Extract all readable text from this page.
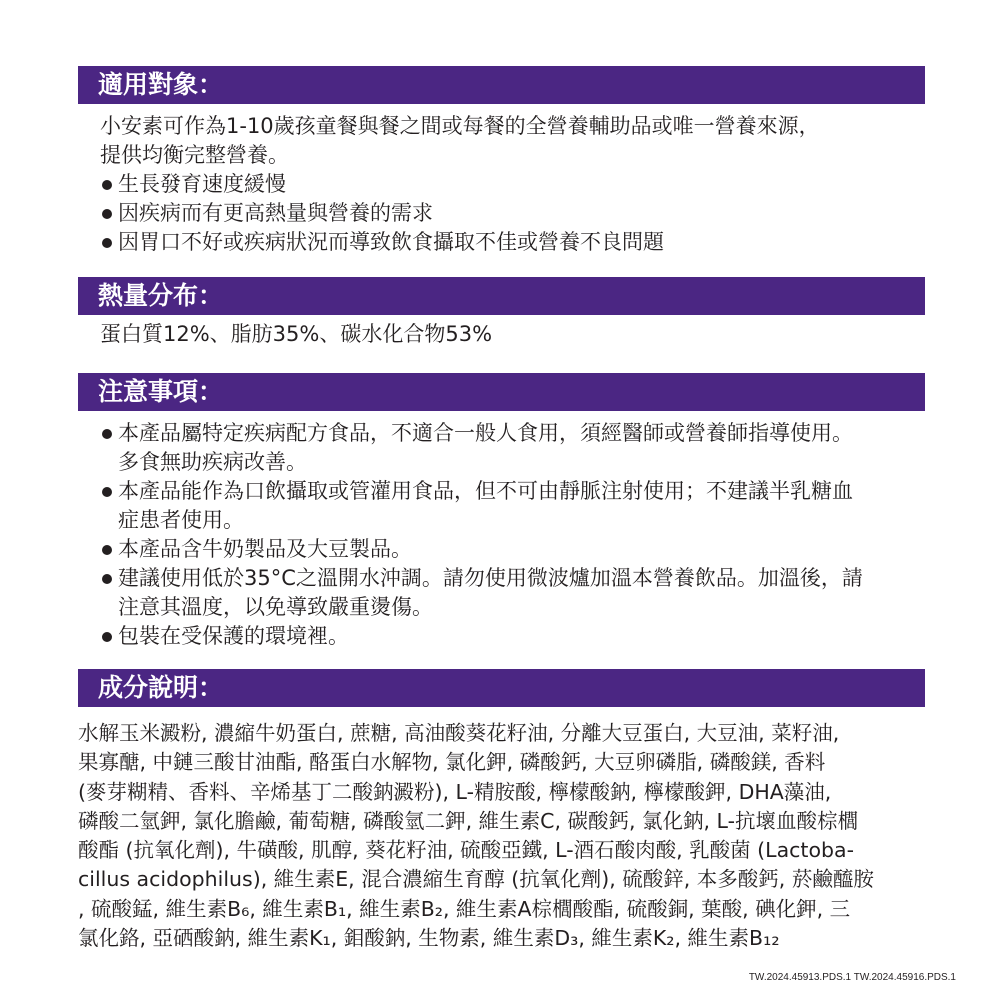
適用對象：

小安素可作為1-10歲孩童餐與餐之間或每餐的全營養輔助品或唯一營養來源，

提供均衡完整營養。

生長發育速度緩慢

因疾病而有更高熱量與營養的需求

因胃口不好或疾病狀況而導致飲食攝取不佳或營養不良問題

熱量分布：

蛋白質12%、脂肪35%、碳水化合物53%

注意事項：

本產品屬特定疾病配方食品，不適合一般人食用，須經醫師或營養師指導使用。

多食無助疾病改善。

本產品能作為口飲攝取或管灌用食品，但不可由靜脈注射使用；不建議半乳糖血

症患者使用。

本產品含牛奶製品及大豆製品。

建議使用低於35°C之溫開水沖調。請勿使用微波爐加溫本營養飲品。加溫後，請

注意其溫度，以免導致嚴重燙傷。

包裝在受保護的環境裡。

成分說明：

水解玉米澱粉, 濃縮牛奶蛋白, 蔗糖, 高油酸葵花籽油, 分離大豆蛋白, 大豆油, 菜籽油,

果寡醣, 中鏈三酸甘油酯, 酪蛋白水解物, 氯化鉀, 磷酸鈣, 大豆卵磷脂, 磷酸鎂, 香料

(麥芽糊精、香料、辛烯基丁二酸鈉澱粉), L-精胺酸, 檸檬酸鈉, 檸檬酸鉀, DHA藻油,

磷酸二氫鉀, 氯化膽鹼, 葡萄糖, 磷酸氫二鉀, 維生素C, 碳酸鈣, 氯化鈉, L-抗壞血酸棕櫚

酸酯 (抗氧化劑), 牛磺酸, 肌醇, 葵花籽油, 硫酸亞鐵, L-酒石酸肉酸, 乳酸菌 (Lactoba-

cillus acidophilus), 維生素E, 混合濃縮生育醇 (抗氧化劑), 硫酸鋅, 本多酸鈣, 菸鹼醯胺

, 硫酸錳, 維生素B₆, 維生素B₁, 維生素B₂, 維生素A棕櫚酸酯, 硫酸銅, 葉酸, 碘化鉀, 三

氯化鉻, 亞硒酸鈉, 維生素K₁, 鉬酸鈉, 生物素, 維生素D₃, 維生素K₂, 維生素B₁₂

TW.2024.45913.PDS.1 TW.2024.45916.PDS.1
